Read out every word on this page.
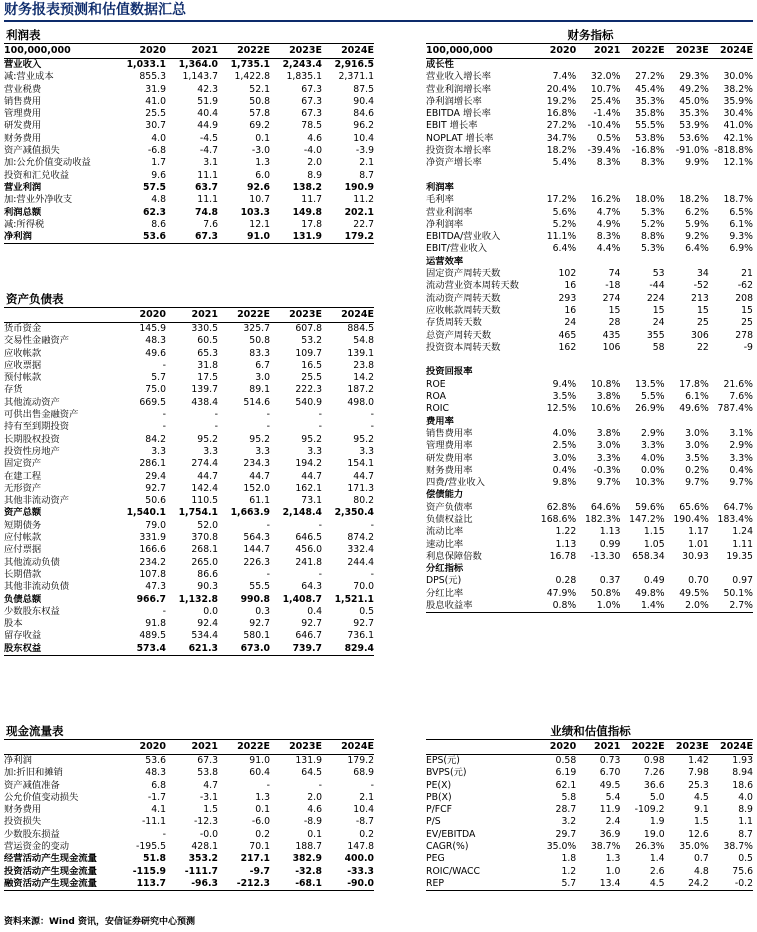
财务报表预测和估值数据汇总
利润表
100,000,000	2020	2021	2022E	2023E	2024E
营业收入	1,033.1	1,364.0	1,735.1	2,243.4	2,916.5
减:营业成本	855.3	1,143.7	1,422.8	1,835.1	2,371.1
营业税费	31.9	42.3	52.1	67.3	87.5
销售费用	41.0	51.9	50.8	67.3	90.4
管理费用	25.5	40.4	57.8	67.3	84.6
研发费用	30.7	44.9	69.2	78.5	96.2
财务费用	4.0	-4.5	0.1	4.6	10.4
资产减值损失	-6.8	-4.7	-3.0	-4.0	-3.9
加:公允价值变动收益	1.7	3.1	1.3	2.0	2.1
投资和汇兑收益	9.6	11.1	6.0	8.9	8.7
营业利润	57.5	63.7	92.6	138.2	190.9
加:营业外净收支	4.8	11.1	10.7	11.7	11.2
利润总额	62.3	74.8	103.3	149.8	202.1
减:所得税	8.6	7.6	12.1	17.8	22.7
净利润	53.6	67.3	91.0	131.9	179.2
资产负债表
2020	2021	2022E	2023E	2024E
货币资金	145.9	330.5	325.7	607.8	884.5
交易性金融资产	48.3	60.5	50.8	53.2	54.8
应收帐款	49.6	65.3	83.3	109.7	139.1
应收票据	-	31.8	6.7	16.5	23.8
预付帐款	5.7	17.5	3.0	25.5	14.2
存货	75.0	139.7	89.1	222.3	187.2
其他流动资产	669.5	438.4	514.6	540.9	498.0
可供出售金融资产	-	-	-	-	-
持有至到期投资	-	-	-	-	-
长期股权投资	84.2	95.2	95.2	95.2	95.2
投资性房地产	3.3	3.3	3.3	3.3	3.3
固定资产	286.1	274.4	234.3	194.2	154.1
在建工程	29.4	44.7	44.7	44.7	44.7
无形资产	92.7	142.4	152.0	162.1	171.3
其他非流动资产	50.6	110.5	61.1	73.1	80.2
资产总额	1,540.1	1,754.1	1,663.9	2,148.4	2,350.4
短期债务	79.0	52.0	-	-	-
应付帐款	331.9	370.8	564.3	646.5	874.2
应付票据	166.6	268.1	144.7	456.0	332.4
其他流动负债	234.2	265.0	226.3	241.8	244.4
长期借款	107.8	86.6	-	-	-
其他非流动负债	47.3	90.3	55.5	64.3	70.0
负债总额	966.7	1,132.8	990.8	1,408.7	1,521.1
少数股东权益	-	0.0	0.3	0.4	0.5
股本	91.8	92.4	92.7	92.7	92.7
留存收益	489.5	534.4	580.1	646.7	736.1
股东权益	573.4	621.3	673.0	739.7	829.4
财务指标
100,000,000	2020	2021	2022E	2023E	2024E
成长性
营业收入增长率	7.4%	32.0%	27.2%	29.3%	30.0%
营业利润增长率	20.4%	10.7%	45.4%	49.2%	38.2%
净利润增长率	19.2%	25.4%	35.3%	45.0%	35.9%
EBITDA 增长率	16.8%	-1.4%	35.8%	35.3%	30.4%
EBIT 增长率	27.2%	-10.4%	55.5%	53.9%	41.0%
NOPLAT 增长率	34.7%	0.5%	53.8%	53.6%	42.1%
投资资本增长率	18.2%	-39.4%	-16.8%	-91.0% -818.8%
净资产增长率	5.4%	8.3%	8.3%	9.9%	12.1%
利润率
毛利率	17.2%	16.2%	18.0%	18.2%	18.7%
营业利润率	5.6%	4.7%	5.3%	6.2%	6.5%
净利润率	5.2%	4.9%	5.2%	5.9%	6.1%
EBITDA/营业收入	11.1%	8.3%	8.8%	9.2%	9.3%
EBIT/营业收入	6.4%	4.4%	5.3%	6.4%	6.9%
运营效率
固定资产周转天数	102	74	53	34	21
流动营业资本周转天数	16	-18	-44	-52	-62
流动资产周转天数	293	274	224	213	208
应收帐款周转天数	16	15	15	15	15
存货周转天数	24	28	24	25	25
总资产周转天数	465	435	355	306	278
投资资本周转天数	162	106	58	22	-9
投资回报率
ROE	9.4%	10.8%	13.5%	17.8%	21.6%
ROA	3.5%	3.8%	5.5%	6.1%	7.6%
ROIC	12.5%	10.6%	26.9%	49.6% 787.4%
费用率
销售费用率	4.0%	3.8%	2.9%	3.0%	3.1%
管理费用率	2.5%	3.0%	3.3%	3.0%	2.9%
研发费用率	3.0%	3.3%	4.0%	3.5%	3.3%
财务费用率	0.4%	-0.3%	0.0%	0.2%	0.4%
四费/营业收入	9.8%	9.7%	10.3%	9.7%	9.7%
偿债能力
资产负债率	62.8%	64.6%	59.6%	65.6%	64.7%
负债权益比	168.6% 182.3% 147.2% 190.4% 183.4%
流动比率	1.22	1.13	1.15	1.17	1.24
速动比率	1.13	0.99	1.05	1.01	1.11
利息保障倍数	16.78	-13.30	658.34	30.93	19.35
分红指标
DPS(元)	0.28	0.37	0.49	0.70	0.97
分红比率	47.9%	50.8%	49.8%	49.5%	50.1%
股息收益率	0.8%	1.0%	1.4%	2.0%	2.7%
现金流量表
2020	2021	2022E	2023E	2024E
净利润	53.6	67.3	91.0	131.9	179.2
加:折旧和摊销	48.3	53.8	60.4	64.5	68.9
资产减值准备	6.8	4.7	-	-	-
公允价值变动损失	-1.7	-3.1	1.3	2.0	2.1
财务费用	4.1	1.5	0.1	4.6	10.4
投资损失	-11.1	-12.3	-6.0	-8.9	-8.7
少数股东损益	-	-0.0	0.2	0.1	0.2
营运资金的变动	-195.5	428.1	70.1	188.7	147.8
经营活动产生现金流量	51.8	353.2	217.1	382.9	400.0
投资活动产生现金流量	-115.9	-111.7	-9.7	-32.8	-33.3
融资活动产生现金流量	113.7	-96.3	-212.3	-68.1	-90.0
业绩和估值指标
2020	2021	2022E	2023E	2024E
EPS(元)	0.58	0.73	0.98	1.42	1.93
BVPS(元)	6.19	6.70	7.26	7.98	8.94
PE(X)	62.1	49.5	36.6	25.3	18.6
PB(X)	5.8	5.4	5.0	4.5	4.0
P/FCF	28.7	11.9	-109.2	9.1	8.9
P/S	3.2	2.4	1.9	1.5	1.1
EV/EBITDA	29.7	36.9	19.0	12.6	8.7
CAGR(%)	35.0%	38.7%	26.3%	35.0%	38.7%
PEG	1.8	1.3	1.4	0.7	0.5
ROIC/WACC	1.2	1.0	2.6	4.8	75.6
REP	5.7	13.4	4.5	24.2	-0.2
资料来源：Wind 资讯，安信证券研究中心预测
